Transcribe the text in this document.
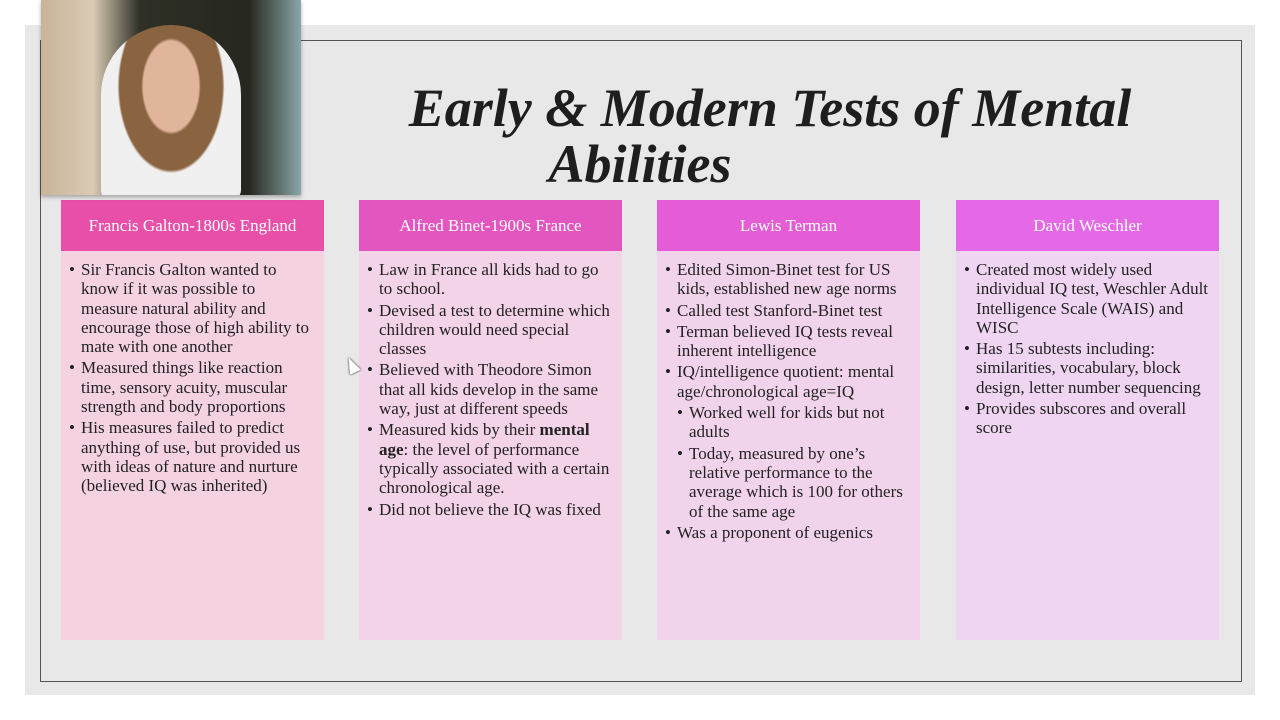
Early & Modern Tests of Mental
Abilities
Francis Galton-1800s England
• Sir Francis Galton wanted to know if it was possible to measure natural ability and encourage those of high ability to mate with one another
• Measured things like reaction time, sensory acuity, muscular strength and body proportions
• His measures failed to predict anything of use, but provided us with ideas of nature and nurture (believed IQ was inherited)
Alfred Binet-1900s France
• Law in France all kids had to go to school.
• Devised a test to determine which children would need special classes
• Believed with Theodore Simon that all kids develop in the same way, just at different speeds
• Measured kids by their mental age: the level of performance typically associated with a certain chronological age.
• Did not believe the IQ was fixed
Lewis Terman
• Edited Simon-Binet test for US kids, established new age norms
• Called test Stanford-Binet test
• Terman believed IQ tests reveal inherent intelligence
• IQ/intelligence quotient: mental age/chronological age=IQ
• Worked well for kids but not adults
• Today, measured by one’s relative performance to the average which is 100 for others of the same age
• Was a proponent of eugenics
David Weschler
• Created most widely used individual IQ test, Weschler Adult Intelligence Scale (WAIS) and WISC
• Has 15 subtests including: similarities, vocabulary, block design, letter number sequencing
• Provides subscores and overall score
